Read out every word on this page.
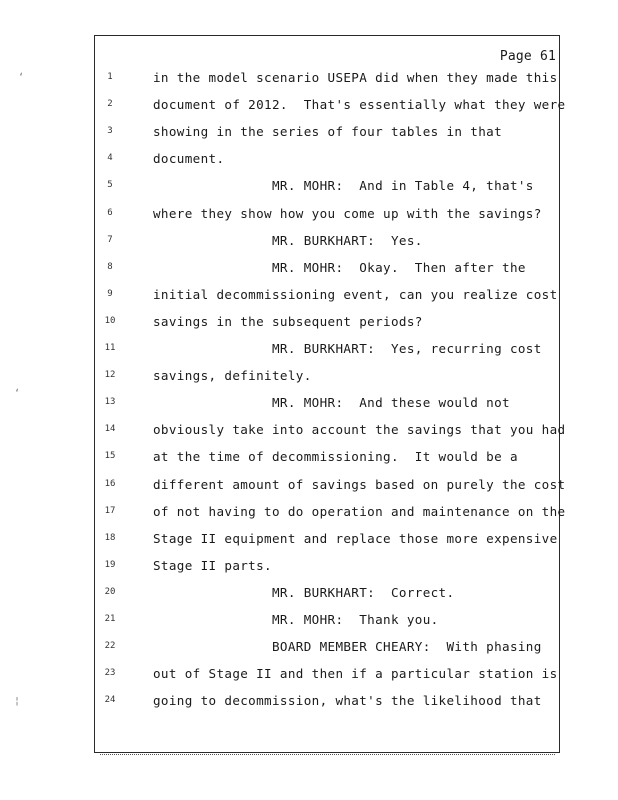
Page 61
1	in the model scenario USEPA did when they made this
2	document of 2012.  That's essentially what they were
3	showing in the series of four tables in that
4	document.
5	MR. MOHR:  And in Table 4, that's
6	where they show how you come up with the savings?
7	MR. BURKHART:  Yes.
8	MR. MOHR:  Okay.  Then after the
9	initial decommissioning event, can you realize cost
10	savings in the subsequent periods?
11	MR. BURKHART:  Yes, recurring cost
12	savings, definitely.
13	MR. MOHR:  And these would not
14	obviously take into account the savings that you had
15	at the time of decommissioning.  It would be a
16	different amount of savings based on purely the cost
17	of not having to do operation and maintenance on the
18	Stage II equipment and replace those more expensive
19	Stage II parts.
20	MR. BURKHART:  Correct.
21	MR. MOHR:  Thank you.
22	BOARD MEMBER CHEARY:  With phasing
23	out of Stage II and then if a particular station is
24	going to decommission, what's the likelihood that
ʻ
ʻ
¦
